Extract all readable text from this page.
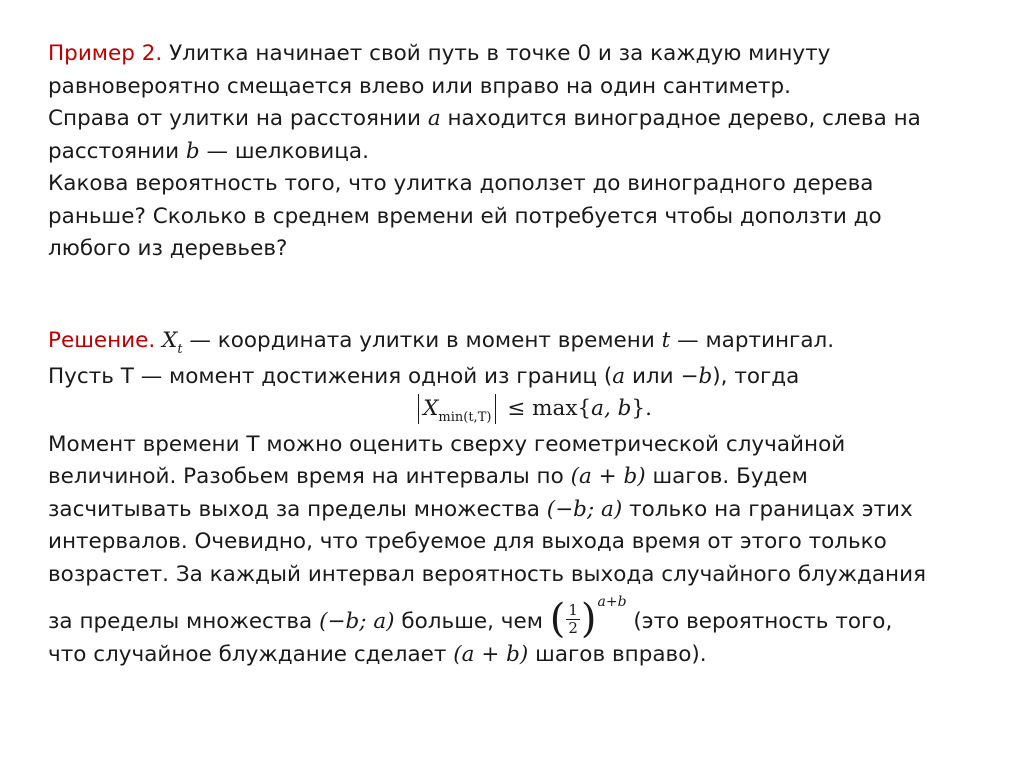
Пример 2. Улитка начинает свой путь в точке 0 и за каждую минуту
равновероятно смещается влево или вправо на один сантиметр.
Справа от улитки на расстоянии a находится виноградное дерево, слева на
расстоянии b — шелковица.
Какова вероятность того, что улитка доползет до виноградного дерева
раньше? Сколько в среднем времени ей потребуется чтобы доползти до
любого из деревьев?
Решение. $X_t$ — координата улитки в момент времени t — мартингал.
Пусть T — момент достижения одной из границ (a или −b), тогда
$X_{min(t,T)} \le \max\{a$, b}.
Момент времени T можно оценить сверху геометрической случайной
величиной. Разобьем время на интервалы по (a + b) шагов. Будем
засчитывать выход за пределы множества (−b; a) только на границах этих
интервалов. Очевидно, что требуемое для выхода время от этого только
возрастет. За каждый интервал вероятность выхода случайного блуждания
за пределы множества (−b; a) больше, чем ( $\frac{1}{2}$ ) a+b
(это вероятность того,
что случайное блуждание сделает (a + b) шагов вправо).
